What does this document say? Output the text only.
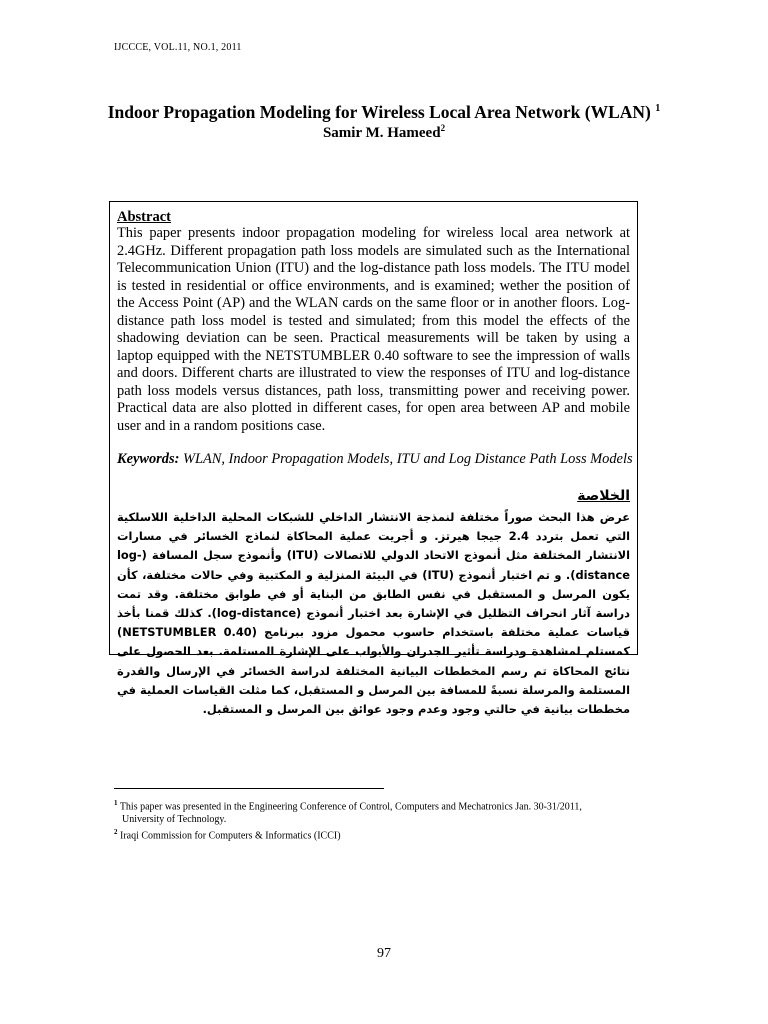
IJCCCE, VOL.11, NO.1, 2011
Indoor Propagation Modeling for Wireless Local Area Network (WLAN) $^1$
Samir M. Hameed$^2$
Abstract

This paper presents indoor propagation modeling for wireless local area network at 2.4GHz. Different propagation path loss models are simulated such as the International Telecommunication Union (ITU) and the log-distance path loss models. The ITU model is tested in residential or office environments, and is examined; wether the position of the Access Point (AP) and the WLAN cards on the same floor or in another floors. Log-distance path loss model is tested and simulated; from this model the effects of the shadowing deviation can be seen. Practical measurements will be taken by using a laptop equipped with the NETSTUMBLER 0.40 software to see the impression of walls and doors. Different charts are illustrated to view the responses of ITU and log-distance path loss models versus distances, path loss, transmitting power and receiving power. Practical data are also plotted in different cases, for open area between AP and mobile user and in a random positions case.

Keywords: WLAN, Indoor Propagation Models, ITU and Log Distance Path Loss Models
الخلاصة

عرض هذا البحث صوراً مختلفة لنمذجة الانتشار الداخلي للشبكات المحلية الداخلية اللاسلكية التي تعمل بتردد 2.4 جيجا هيرتز. و أجريت عملية المحاكاة لنماذج الخسائر في مسارات الانتشار المختلفة مثل أنموذج الاتحاد الدولي للاتصالات (ITU) وأنموذج سجل المسافة (log-distance). و تم اختبار أنموذج (ITU) في البيئة المنزلية و المكتبية وفي حالات مختلفة، كأن يكون المرسل و المستقبل في نفس الطابق من البناية أو في طوابق مختلفة. وقد تمت دراسة آثار انحراف التظليل في الإشارة بعد اختبار أنموذج (log-distance). كذلك قمنا بأخذ قياسات عملية مختلفة باستخدام حاسوب محمول مزود ببرنامج (NETSTUMBLER 0.40) كمستلم لمشاهدة ودراسة تأثير الجدران والأبواب على الإشارة المستلمة. بعد الحصول على نتائج المحاكاة تم رسم المخططات البيانية المختلفة لدراسة الخسائر في الإرسال والقدرة المستلمة والمرسلة نسبةً للمسافة بين المرسل و المستقبل، كما مثلت القياسات العملية في مخططات بيانية في حالتي وجود وعدم وجود عوائق بين المرسل و المستقبل.

$^1$ This paper was presented in the Engineering Conference of Control, Computers and Mechatronics Jan. 30-31/2011,
University of Technology.
$^2$ Iraqi Commission for Computers & Informatics (ICCI)
97
